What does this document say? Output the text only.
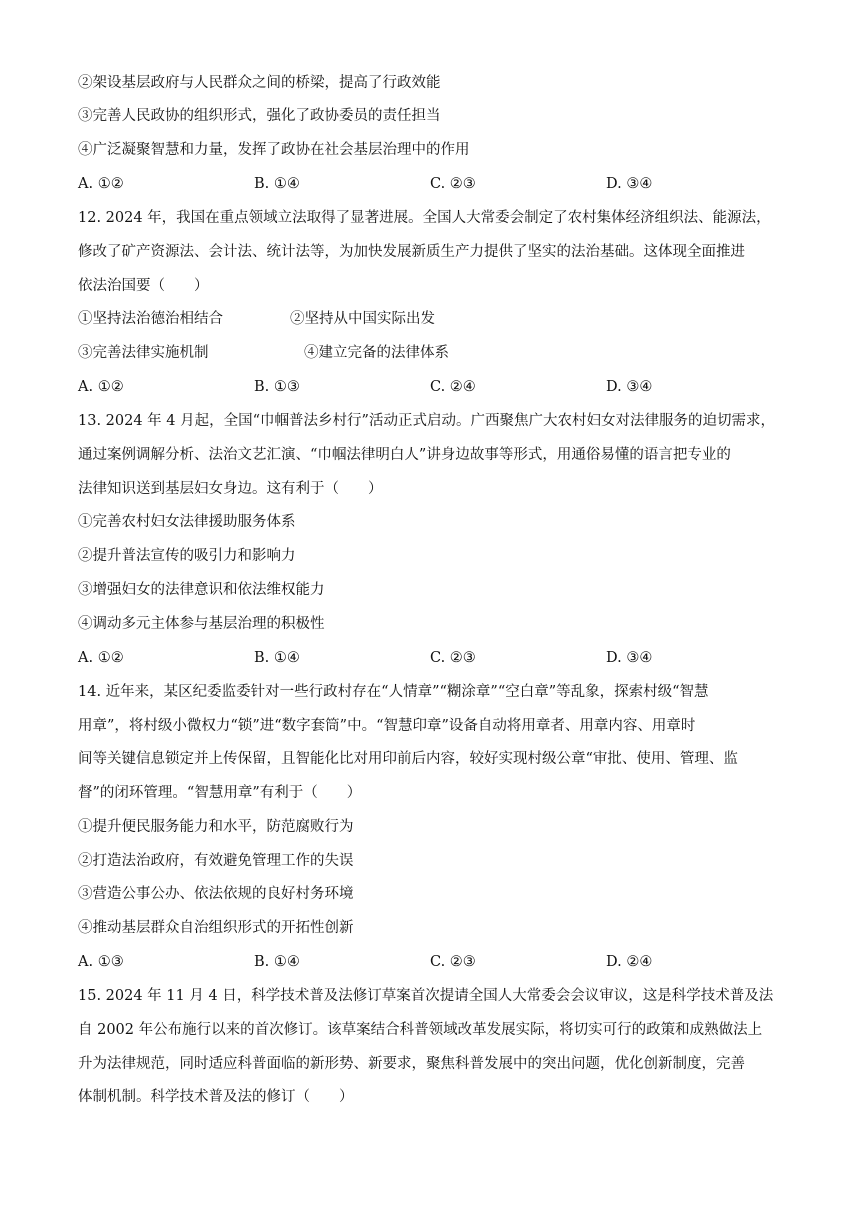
②架设基层政府与人民群众之间的桥梁，提高了行政效能
③完善人民政协的组织形式，强化了政协委员的责任担当
④广泛凝聚智慧和力量，发挥了政协在社会基层治理中的作用
A. ①②	B. ①④	C. ②③	D. ③④
12. 2024 年，我国在重点领域立法取得了显著进展。全国人大常委会制定了农村集体经济组织法、能源法，
修改了矿产资源法、会计法、统计法等，为加快发展新质生产力提供了坚实的法治基础。这体现全面推进
依法治国要（　　）
①坚持法治德治相结合	②坚持从中国实际出发
③完善法律实施机制	④建立完备的法律体系
A. ①②	B. ①③	C. ②④	D. ③④
13. 2024 年 4 月起，全国“巾帼普法乡村行”活动正式启动。广西聚焦广大农村妇女对法律服务的迫切需求，
通过案例调解分析、法治文艺汇演、“巾帼法律明白人”讲身边故事等形式，用通俗易懂的语言把专业的
法律知识送到基层妇女身边。这有利于（　　）
①完善农村妇女法律援助服务体系
②提升普法宣传的吸引力和影响力
③增强妇女的法律意识和依法维权能力
④调动多元主体参与基层治理的积极性
A. ①②	B. ①④	C. ②③	D. ③④
14. 近年来，某区纪委监委针对一些行政村存在“人情章”“糊涂章”“空白章”等乱象，探索村级“智慧
用章”，将村级小微权力“锁”进“数字套筒”中。“智慧印章”设备自动将用章者、用章内容、用章时
间等关键信息锁定并上传保留，且智能化比对用印前后内容，较好实现村级公章“审批、使用、管理、监
督”的闭环管理。“智慧用章”有利于（　　）
①提升便民服务能力和水平，防范腐败行为
②打造法治政府，有效避免管理工作的失误
③营造公事公办、依法依规的良好村务环境
④推动基层群众自治组织形式的开拓性创新
A. ①③	B. ①④	C. ②③	D. ②④
15. 2024 年 11 月 4 日，科学技术普及法修订草案首次提请全国人大常委会会议审议，这是科学技术普及法
自 2002 年公布施行以来的首次修订。该草案结合科普领域改革发展实际，将切实可行的政策和成熟做法上
升为法律规范，同时适应科普面临的新形势、新要求，聚焦科普发展中的突出问题，优化创新制度，完善
体制机制。科学技术普及法的修订（　　）
